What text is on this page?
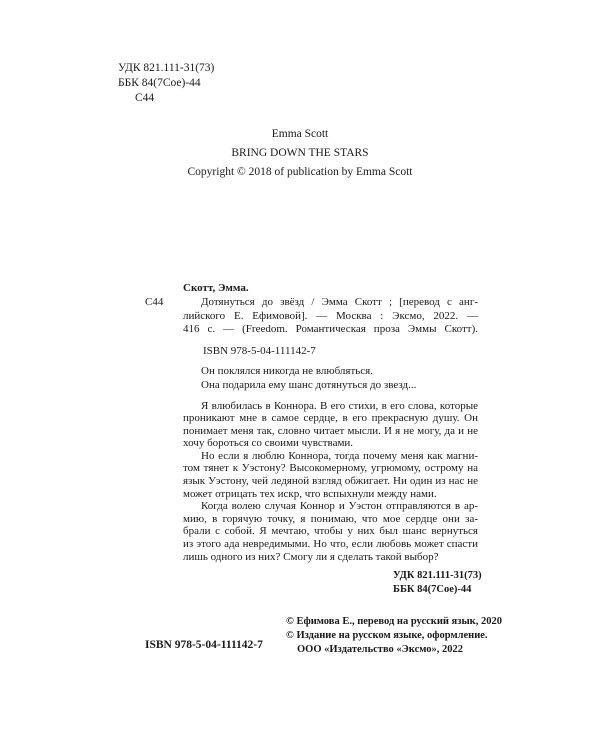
УДК 821.111-31(73)
ББК 84(7Сое)-44
С44
Emma Scott
BRING DOWN THE STARS
Copyright © 2018 of publication by Emma Scott
Скотт, Эмма.
С44	Дотянуться до звёзд / Эмма Скотт ; [перевод с анг-
лийского Е. Ефимовой]. — Москва : Эксмо, 2022. —
416 с. — (Freedom. Романтическая проза Эммы Скотт).
ISBN 978-5-04-111142-7
Он поклялся никогда не влюбляться.
Она подарила ему шанс дотянуться до звезд...
Я влюбилась в Коннора. В его стихи, в его слова, которые
проникают мне в самое сердце, в его прекрасную душу. Он
понимает меня так, словно читает мысли. И я не могу, да и не
хочу бороться со своими чувствами.
Но если я люблю Коннора, тогда почему меня как магни-
том тянет к Уэстону? Высокомерному, угрюмому, острому на
язык Уэстону, чей ледяной взгляд обжигает. Ни один из нас не
может отрицать тех искр, что вспыхнули между нами.
Когда волею случая Коннор и Уэстон отправляются в ар-
мию, в горячую точку, я понимаю, что мое сердце они за-
брали с собой. Я мечтаю, чтобы у них был шанс вернуться
из этого ада невредимыми. Но что, если любовь может спасти
лишь одного из них? Смогу ли я сделать такой выбор?
УДК 821.111-31(73)
ББК 84(7Сое)-44
© Ефимова Е., перевод на русский язык, 2020
© Издание на русском языке, оформление.
ООО «Издательство «Эксмо», 2022
ISBN 978-5-04-111142-7
